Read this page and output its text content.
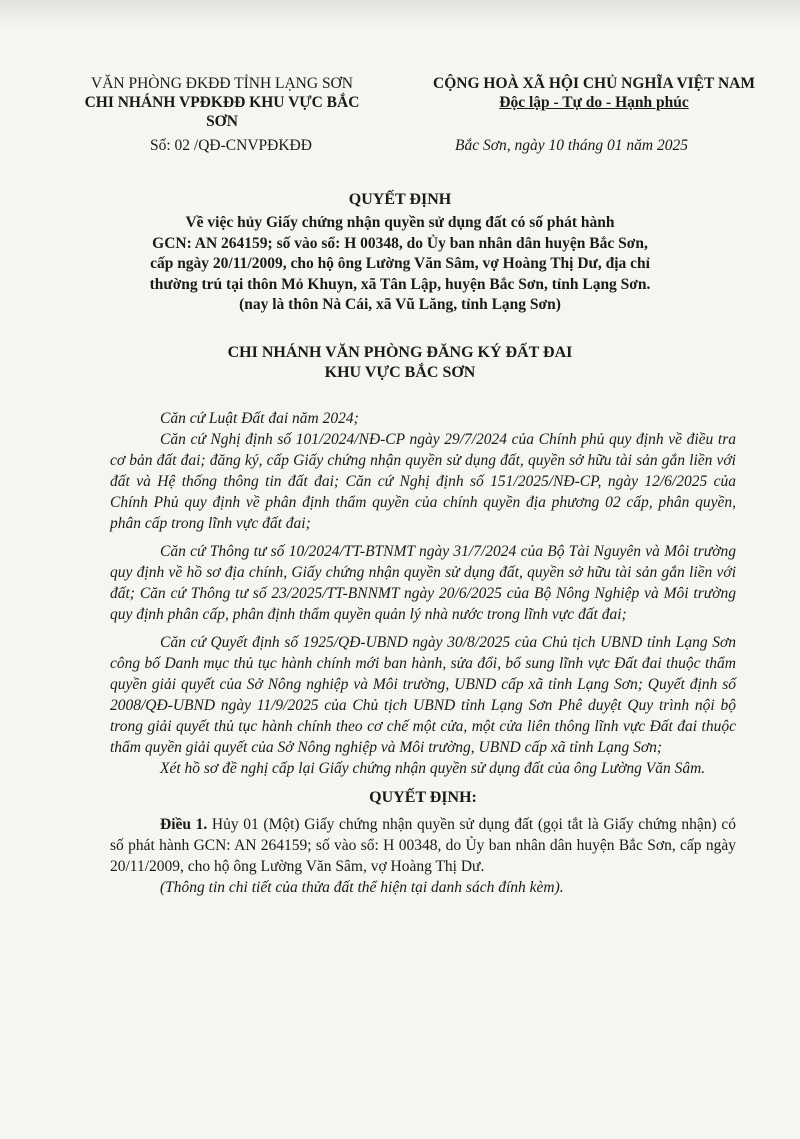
VĂN PHÒNG ĐKĐĐ TỈNH LẠNG SƠN
CHI NHÁNH VPĐKĐĐ KHU VỰC BẮC SƠN
CỘNG HOÀ XÃ HỘI CHỦ NGHĨA VIỆT NAM
Độc lập - Tự do - Hạnh phúc
Số: 02 /QĐ-CNVPĐKĐĐ	Bắc Sơn, ngày 10 tháng 01 năm 2025
QUYẾT ĐỊNH
Về việc hủy Giấy chứng nhận quyền sử dụng đất có số phát hành
GCN: AN 264159; số vào sổ: H 00348, do Ủy ban nhân dân huyện Bắc Sơn,
cấp ngày 20/11/2009, cho hộ ông Lường Văn Sâm, vợ Hoàng Thị Dư, địa chỉ
thường trú tại thôn Mỏ Khuyn, xã Tân Lập, huyện Bắc Sơn, tỉnh Lạng Sơn.
(nay là thôn Nà Cái, xã Vũ Lăng, tỉnh Lạng Sơn)
CHI NHÁNH VĂN PHÒNG ĐĂNG KÝ ĐẤT ĐAI
KHU VỰC BẮC SƠN

Căn cứ Luật Đất đai năm 2024;

Căn cứ Nghị định số 101/2024/NĐ-CP ngày 29/7/2024 của Chính phủ quy định về điều tra cơ bản đất đai; đăng ký, cấp Giấy chứng nhận quyền sử dụng đất, quyền sở hữu tài sản gắn liền với đất và Hệ thống thông tin đất đai; Căn cứ Nghị định số 151/2025/NĐ-CP, ngày 12/6/2025 của Chính Phủ quy định về phân định thẩm quyền của chính quyền địa phương 02 cấp, phân quyền, phân cấp trong lĩnh vực đất đai;

Căn cứ Thông tư số 10/2024/TT-BTNMT ngày 31/7/2024 của Bộ Tài Nguyên và Môi trường quy định về hồ sơ địa chính, Giấy chứng nhận quyền sử dụng đất, quyền sở hữu tài sản gắn liền với đất; Căn cứ Thông tư số 23/2025/TT-BNNMT ngày 20/6/2025 của Bộ Nông Nghiệp và Môi trường quy định phân cấp, phân định thẩm quyền quản lý nhà nước trong lĩnh vực đất đai;

Căn cứ Quyết định số 1925/QĐ-UBND ngày 30/8/2025 của Chủ tịch UBND tỉnh Lạng Sơn công bố Danh mục thủ tục hành chính mới ban hành, sửa đổi, bổ sung lĩnh vực Đất đai thuộc thẩm quyền giải quyết của Sở Nông nghiệp và Môi trường, UBND cấp xã tỉnh Lạng Sơn; Quyết định số 2008/QĐ-UBND ngày 11/9/2025 của Chủ tịch UBND tỉnh Lạng Sơn Phê duyệt Quy trình nội bộ trong giải quyết thủ tục hành chính theo cơ chế một cửa, một cửa liên thông lĩnh vực Đất đai thuộc thẩm quyền giải quyết của Sở Nông nghiệp và Môi trường, UBND cấp xã tỉnh Lạng Sơn;

Xét hồ sơ đề nghị cấp lại Giấy chứng nhận quyền sử dụng đất của ông Lường Văn Sâm.

QUYẾT ĐỊNH:

Điều 1. Hủy 01 (Một) Giấy chứng nhận quyền sử dụng đất (gọi tắt là Giấy chứng nhận) có số phát hành GCN: AN 264159; số vào sổ: H 00348, do Ủy ban nhân dân huyện Bắc Sơn, cấp ngày 20/11/2009, cho hộ ông Lường Văn Sâm, vợ Hoàng Thị Dư.

(Thông tin chi tiết của thửa đất thể hiện tại danh sách đính kèm).
